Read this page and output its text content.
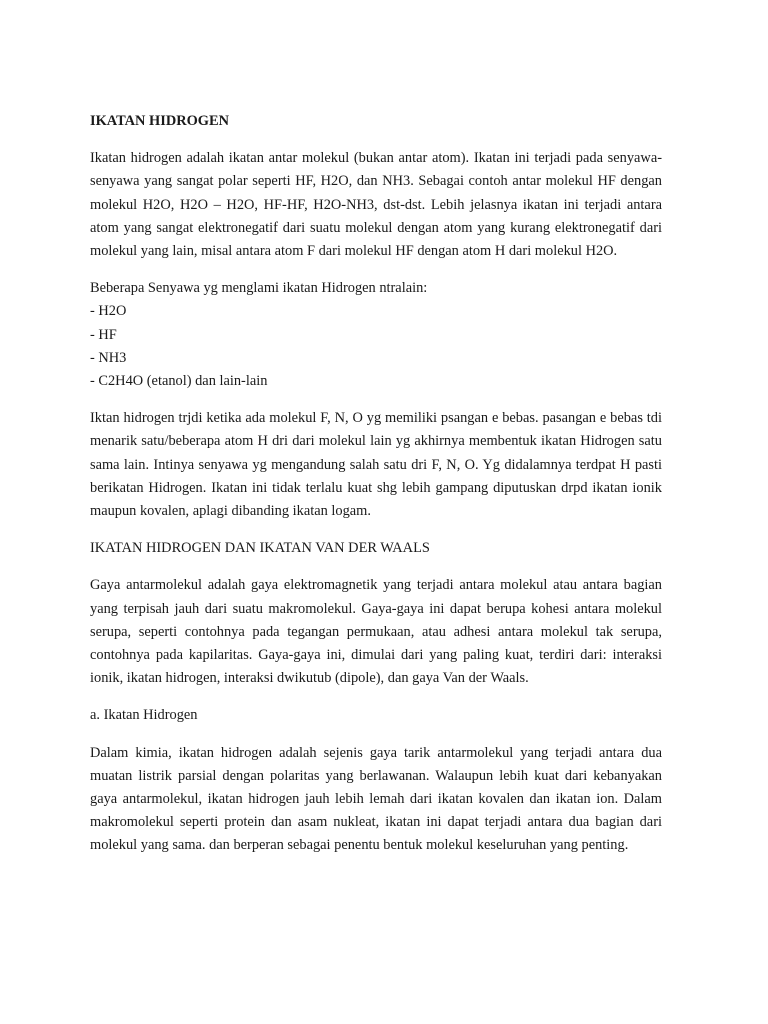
IKATAN HIDROGEN

Ikatan hidrogen adalah ikatan antar molekul (bukan antar atom). Ikatan ini terjadi pada senyawa-senyawa yang sangat polar seperti HF, H2O, dan NH3. Sebagai contoh antar molekul HF dengan molekul H2O, H2O – H2O, HF-HF, H2O-NH3, dst-dst. Lebih jelasnya ikatan ini terjadi antara atom yang sangat elektronegatif dari suatu molekul dengan atom yang kurang elektronegatif dari molekul yang lain, misal antara atom F dari molekul HF dengan atom H dari molekul H2O.

Beberapa Senyawa yg menglami ikatan Hidrogen ntralain:
- H2O
- HF
- NH3
- C2H4O (etanol) dan lain-lain

Iktan hidrogen trjdi ketika ada molekul F, N, O yg memiliki psangan e bebas. pasangan e bebas tdi menarik satu/beberapa atom H dri dari molekul lain yg akhirnya membentuk ikatan Hidrogen satu sama lain. Intinya senyawa yg mengandung salah satu dri F, N, O. Yg didalamnya terdpat H pasti berikatan Hidrogen. Ikatan ini tidak terlalu kuat shg lebih gampang diputuskan drpd ikatan ionik maupun kovalen, aplagi dibanding ikatan logam.

IKATAN HIDROGEN DAN IKATAN VAN DER WAALS

Gaya antarmolekul adalah gaya elektromagnetik yang terjadi antara molekul atau antara bagian yang terpisah jauh dari suatu makromolekul. Gaya-gaya ini dapat berupa kohesi antara molekul serupa, seperti contohnya pada tegangan permukaan, atau adhesi antara molekul tak serupa, contohnya pada kapilaritas. Gaya-gaya ini, dimulai dari yang paling kuat, terdiri dari: interaksi ionik, ikatan hidrogen, interaksi dwikutub (dipole), dan gaya Van der Waals.

a. Ikatan Hidrogen

Dalam kimia, ikatan hidrogen adalah sejenis gaya tarik antarmolekul yang terjadi antara dua muatan listrik parsial dengan polaritas yang berlawanan. Walaupun lebih kuat dari kebanyakan gaya antarmolekul, ikatan hidrogen jauh lebih lemah dari ikatan kovalen dan ikatan ion. Dalam makromolekul seperti protein dan asam nukleat, ikatan ini dapat terjadi antara dua bagian dari molekul yang sama. dan berperan sebagai penentu bentuk molekul keseluruhan yang penting.
